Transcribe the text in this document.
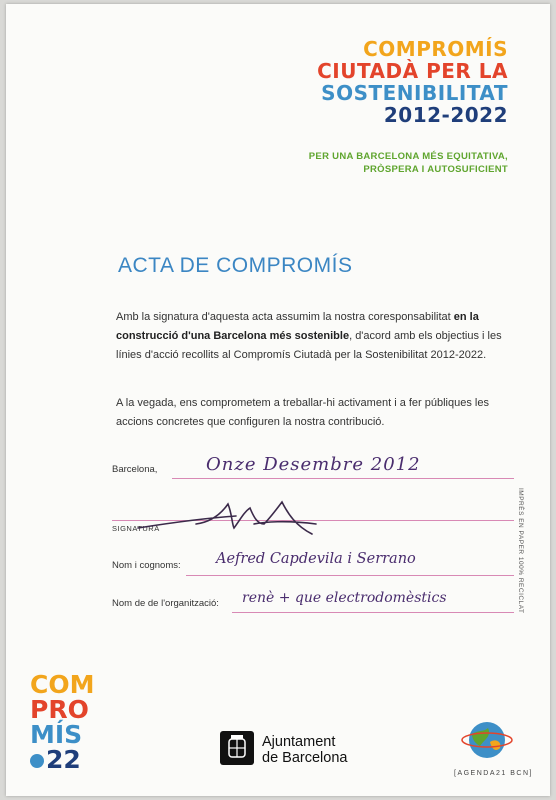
COMPROMÍS
CIUTADÀ PER LA
SOSTENIBILITAT
2012-2022
PER UNA BARCELONA MÉS EQUITATIVA,
PRÒSPERA I AUTOSUFICIENT
ACTA DE COMPROMÍS
Amb la signatura d'aquesta acta assumim la nostra coresponsabilitat en la construcció d'una Barcelona més sostenible, d'acord amb els objectius i les línies d'acció recollits al Compromís Ciutadà per la Sostenibilitat 2012-2022.
A la vegada, ens comprometem a treballar-hi activament i a fer públiques les accions concretes que configuren la nostra contribució.
Barcelona,	Onze Desembre 2012
SIGNATURA
Nom i cognoms: Aefred Capdevila i Serrano
Nom de de l'organització: renè + que electrodomèstics	IMPRÈS EN PAPER 100% RECICLAT
COM
PRO
MÍS
22
Ajuntament
de Barcelona
[AGENDA21 BCN]
